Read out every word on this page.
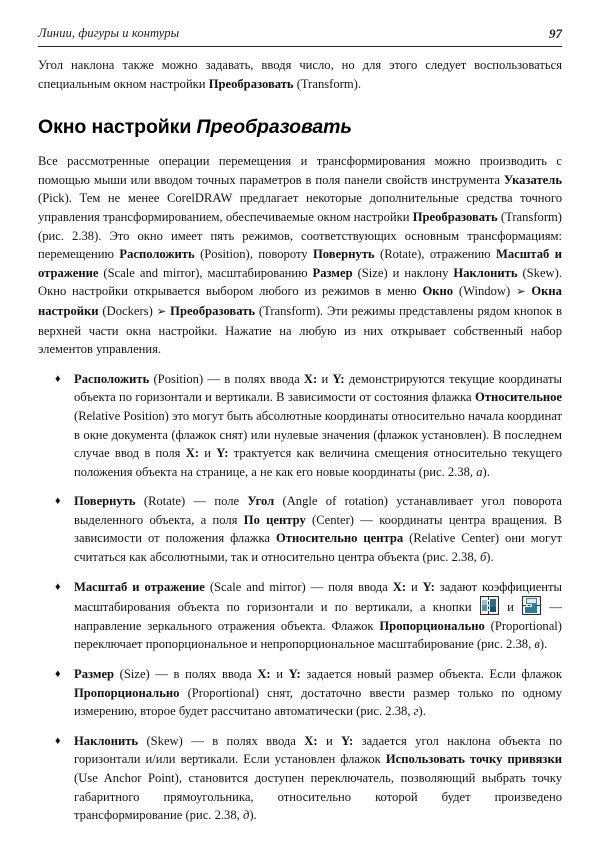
Линии, фигуры и контуры	97

Угол наклона также можно задавать, вводя число, но для этого следует воспользоваться специальным окном настройки Преобразовать (Transform).

Окно настройки Преобразовать

Все рассмотренные операции перемещения и трансформирования можно производить с помощью мыши или вводом точных параметров в поля панели свойств инструмента Указатель (Pick). Тем не менее CorelDRAW предлагает некоторые дополнительные средства точного управления трансформированием, обеспечиваемые окном настройки Преобразовать (Transform) (рис. 2.38). Это окно имеет пять режимов, соответствующих основным трансформациям: перемещению Расположить (Position), повороту Повернуть (Rotate), отражению Масштаб и отражение (Scale and mirror), масштабированию Размер (Size) и наклону Наклонить (Skew). Окно настройки открывается выбором любого из режимов в меню Окно (Window) ➢ Окна настройки (Dockers) ➢ Преобразовать (Transform). Эти режимы представлены рядом кнопок в верхней части окна настройки. Нажатие на любую из них открывает собственный набор элементов управления.

♦ Расположить (Position) — в полях ввода X: и Y: демонстрируются текущие координаты объекта по горизонтали и вертикали. В зависимости от состояния флажка Относительное (Relative Position) это могут быть абсолютные координаты относительно начала координат в окне документа (флажок снят) или нулевые значения (флажок установлен). В последнем случае ввод в поля X: и Y: трактуется как величина смещения относительно текущего положения объекта на странице, а не как его новые координаты (рис. 2.38, а).
♦ Повернуть (Rotate) — поле Угол (Angle of rotation) устанавливает угол поворота выделенного объекта, а поля По центру (Center) — координаты центра вращения. В зависимости от положения флажка Относительно центра (Relative Center) они могут считаться как абсолютными, так и относительно центра объекта (рис. 2.38, б).
♦ Масштаб и отражение (Scale and mirror) — поля ввода X: и Y: задают коэффициенты масштабирования объекта по горизонтали и по вертикали, а кнопки
и
— направление зеркального отражения объекта. Флажок Пропорционально (Proportional) переключает пропорциональное и непропорциональное масштабирование (рис. 2.38, в).
♦ Размер (Size) — в полях ввода X: и Y: задается новый размер объекта. Если флажок Пропорционально (Proportional) снят, достаточно ввести размер только по одному измерению, второе будет рассчитано автоматически (рис. 2.38, г).
♦ Наклонить (Skew) — в полях ввода X: и Y: задается угол наклона объекта по горизонтали и/или вертикали. Если установлен флажок Использовать точку привязки (Use Anchor Point), становится доступен переключатель, позволяющий выбрать точку габаритного прямоугольника, относительно которой будет произведено трансформирование (рис. 2.38, д).
